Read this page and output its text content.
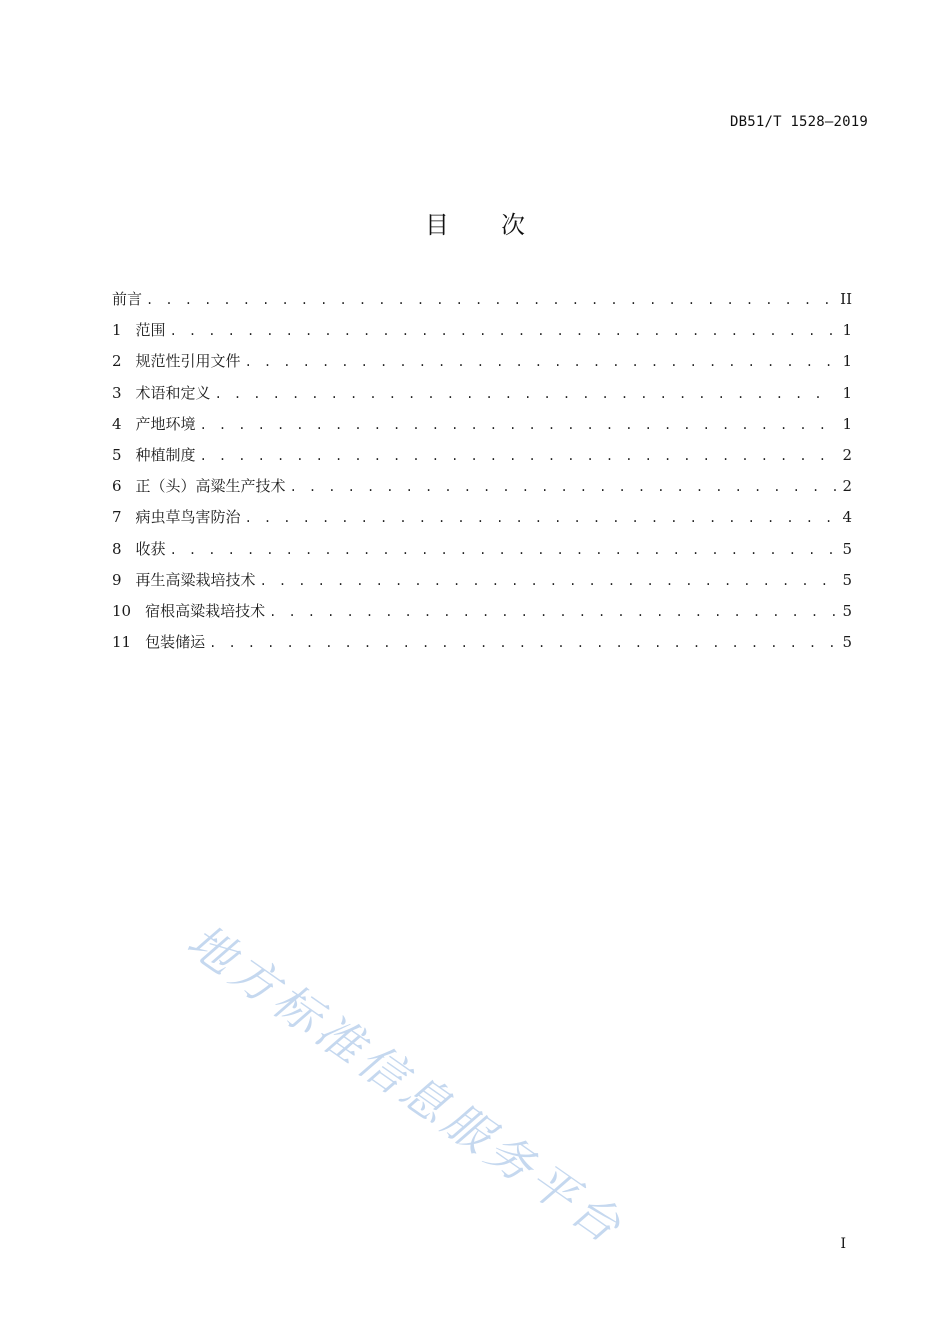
DB51/T 1528—2019
目次
前言 . . .	II
1 范围 . . .	1
2 规范性引用文件 . . .	1
3 术语和定义 . . .	1
4 产地环境 . . .	1
5 种植制度 . . .	2
6 正（头）高粱生产技术 . . .	2
7 病虫草鸟害防治 . . .	4
8 收获 . . .	5
9 再生高粱栽培技术 . . .	5
10 宿根高粱栽培技术 . . .	5
11 包装储运 . . .	5
地方标准信息服务平台	I
